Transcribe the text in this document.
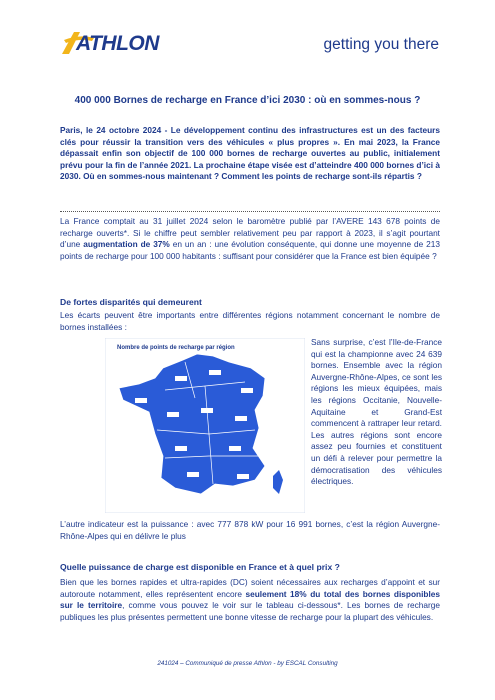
ATHLON	getting you there
400 000 Bornes de recharge en France d’ici 2030 : où en sommes-nous ?
Paris, le 24 octobre 2024 - Le développement continu des infrastructures est un des facteurs clés pour réussir la transition vers des véhicules « plus propres ». En mai 2023, la France dépassait enfin son objectif de 100 000 bornes de recharge ouvertes au public, initialement prévu pour la fin de l’année 2021. La prochaine étape visée est d’atteindre 400 000 bornes d’ici à 2030. Où en sommes-nous maintenant ? Comment les points de recharge sont-ils répartis ?
La France comptait au 31 juillet 2024 selon le baromètre publié par l’AVERE 143 678 points de recharge ouverts*. Si le chiffre peut sembler relativement peu par rapport à 2023, il s’agit pourtant d’une augmentation de 37% en un an : une évolution conséquente, qui donne une moyenne de 213 points de recharge pour 100 000 habitants : suffisant pour considérer que la France est bien équipée ?
De fortes disparités qui demeurent
Les écarts peuvent être importants entre différentes régions notamment concernant le nombre de bornes installées :
Nombre de points de recharge par région
Sans surprise, c’est l’Ile-de-France qui est la championne avec 24 639 bornes. Ensemble avec la région Auvergne-Rhône-Alpes, ce sont les régions les mieux équipées, mais les régions Occitanie, Nouvelle-Aquitaine et Grand-Est commencent à rattraper leur retard. Les autres régions sont encore assez peu fournies et constituent un défi à relever pour permettre la démocratisation des véhicules électriques.
L’autre indicateur est la puissance : avec 777 878 kW pour 16 991 bornes, c’est la région Auvergne-Rhône-Alpes qui en délivre le plus
Quelle puissance de charge est disponible en France et à quel prix ?
Bien que les bornes rapides et ultra-rapides (DC) soient nécessaires aux recharges d’appoint et sur autoroute notamment, elles représentent encore seulement 18% du total des bornes disponibles sur le territoire, comme vous pouvez le voir sur le tableau ci-dessous*. Les bornes de recharge publiques les plus présentes permettent une bonne vitesse de recharge pour la plupart des véhicules.
241024 – Communiqué de presse Athlon - by ESCAL Consulting
